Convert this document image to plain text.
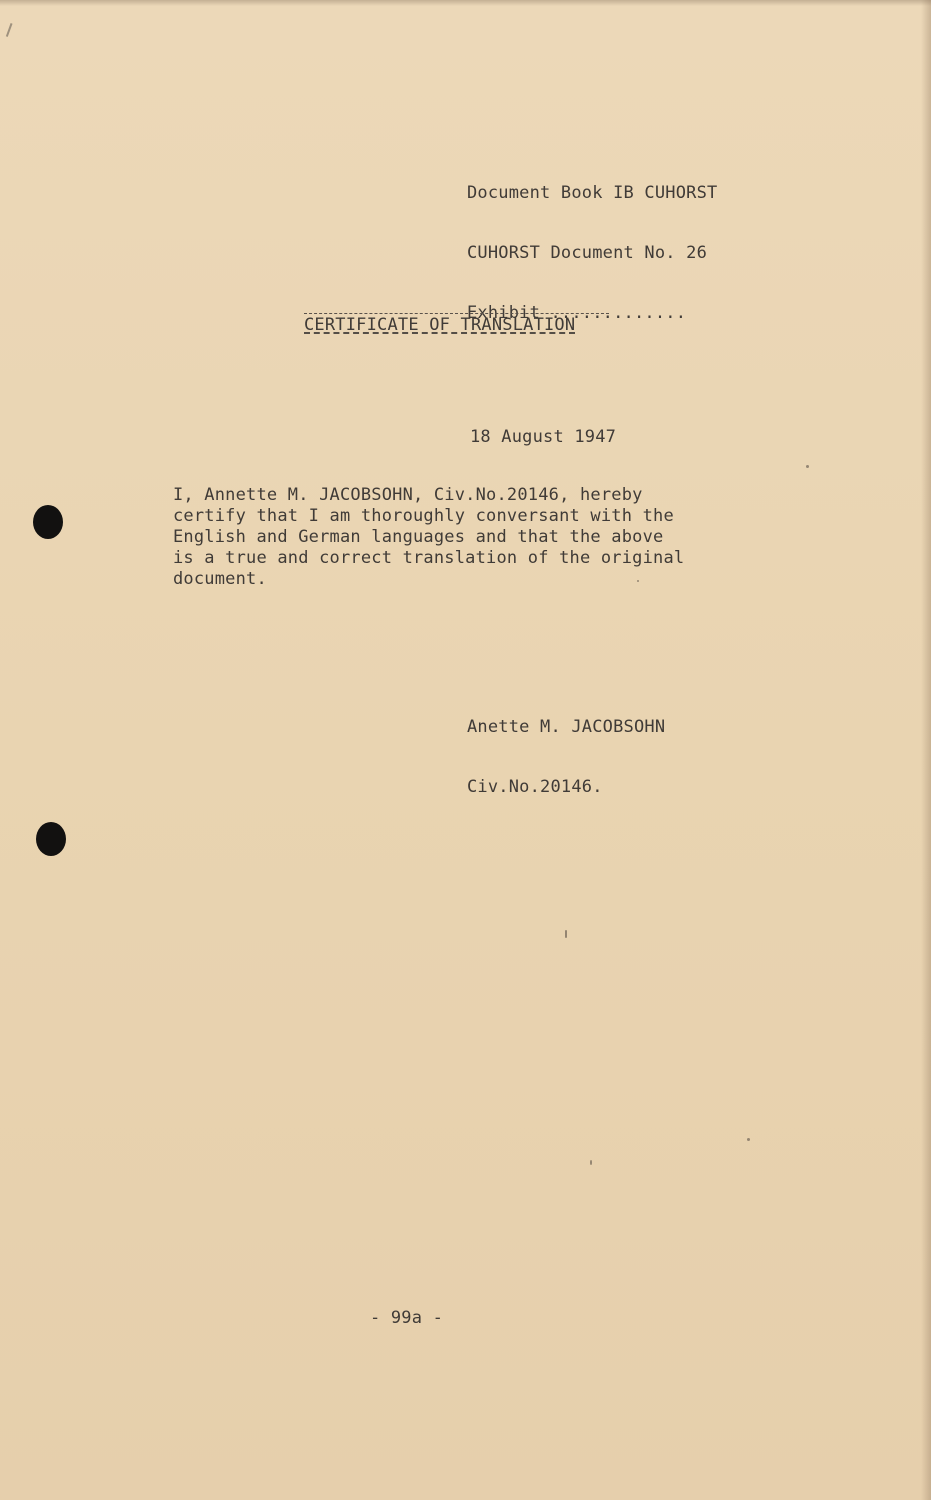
Document Book IB CUHORST

CUHORST Document No. 26

Exhibit .............

CERTIFICATE OF TRANSLATION
18 August 1947
I, Annette M. JACOBSOHN, Civ.No.20146, hereby
certify that I am thoroughly conversant with the
English and German languages and that the above
is a true and correct translation of the original
document.

Anette M. JACOBSOHN

Civ.No.20146.

- 99a -
